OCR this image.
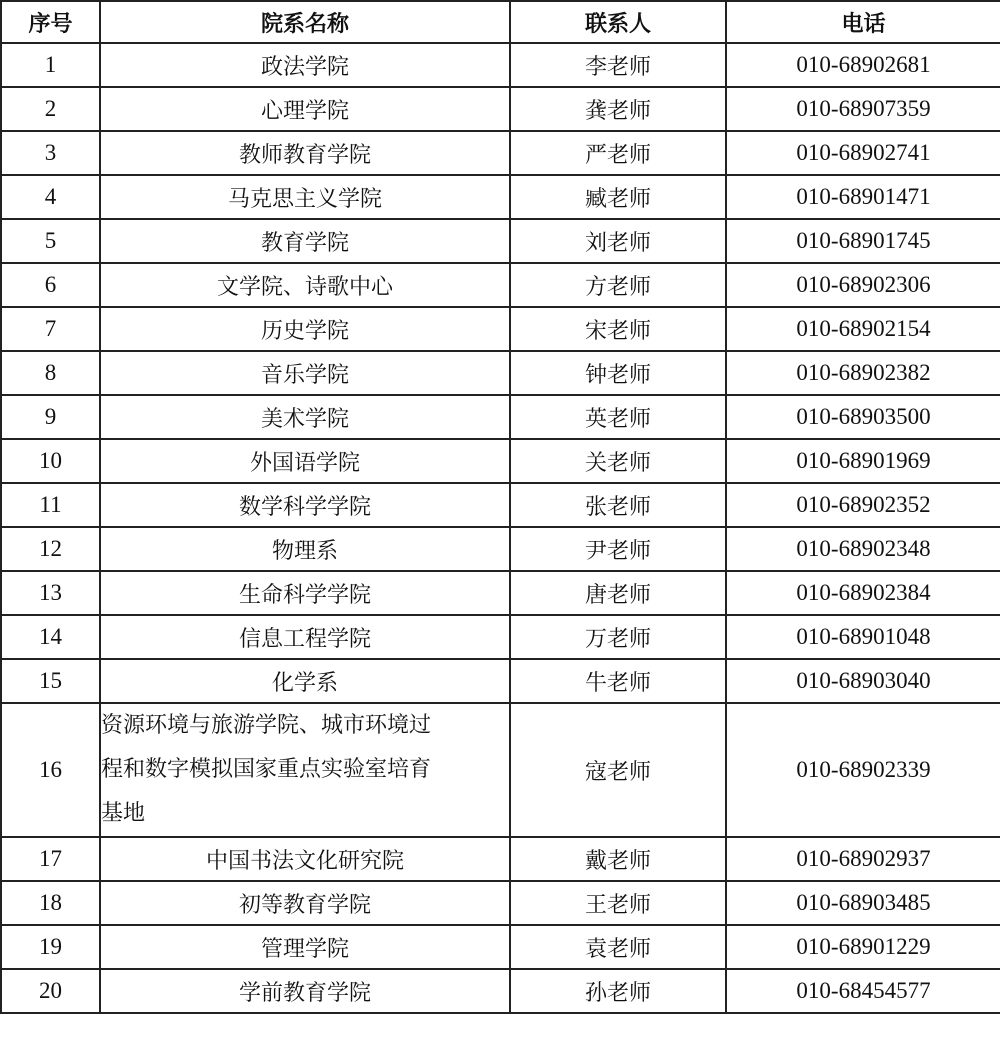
序号	院系名称	联系人	电话
1	政法学院	李老师	010-68902681
2	心理学院	龚老师	010-68907359
3	教师教育学院	严老师	010-68902741
4	马克思主义学院	臧老师	010-68901471
5	教育学院	刘老师	010-68901745
6	文学院、诗歌中心	方老师	010-68902306
7	历史学院	宋老师	010-68902154
8	音乐学院	钟老师	010-68902382
9	美术学院	英老师	010-68903500
10	外国语学院	关老师	010-68901969
11	数学科学学院	张老师	010-68902352
12	物理系	尹老师	010-68902348
13	生命科学学院	唐老师	010-68902384
14	信息工程学院	万老师	010-68901048
15	化学系	牛老师	010-68903040
16	资源环境与旅游学院、城市环境过
程和数字模拟国家重点实验室培育
基地	寇老师	010-68902339
17	中国书法文化研究院	戴老师	010-68902937
18	初等教育学院	王老师	010-68903485
19	管理学院	袁老师	010-68901229
20	学前教育学院	孙老师	010-68454577
